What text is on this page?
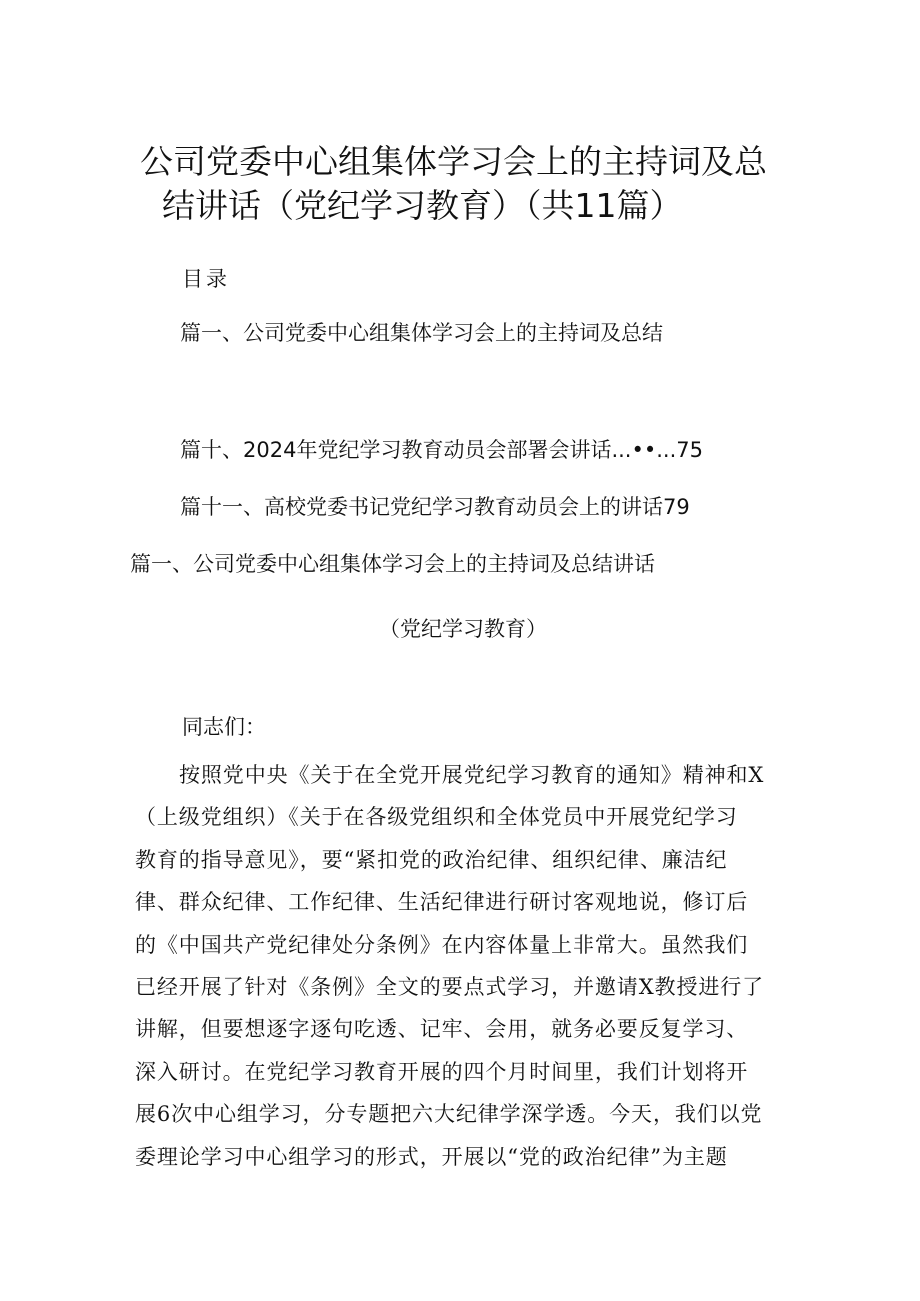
公司党委中心组集体学习会上的主持词及总
结讲话（党纪学习教育）（共11篇）
目录
篇一、公司党委中心组集体学习会上的主持词及总结
篇十、2024年党纪学习教育动员会部署会讲话...••...75
篇十一、高校党委书记党纪学习教育动员会上的讲话79
篇一、公司党委中心组集体学习会上的主持词及总结讲话
（党纪学习教育）
同志们：
按照党中央《关于在全党开展党纪学习教育的通知》精神和X
（上级党组织）《关于在各级党组织和全体党员中开展党纪学习
教育的指导意见》，要“紧扣党的政治纪律、组织纪律、廉洁纪
律、群众纪律、工作纪律、生活纪律进行研讨客观地说，修订后
的《中国共产党纪律处分条例》在内容体量上非常大。虽然我们
已经开展了针对《条例》全文的要点式学习，并邀请X教授进行了
讲解，但要想逐字逐句吃透、记牢、会用，就务必要反复学习、
深入研讨。在党纪学习教育开展的四个月时间里，我们计划将开
展6次中心组学习，分专题把六大纪律学深学透。今天，我们以党
委理论学习中心组学习的形式，开展以“党的政治纪律”为主题
